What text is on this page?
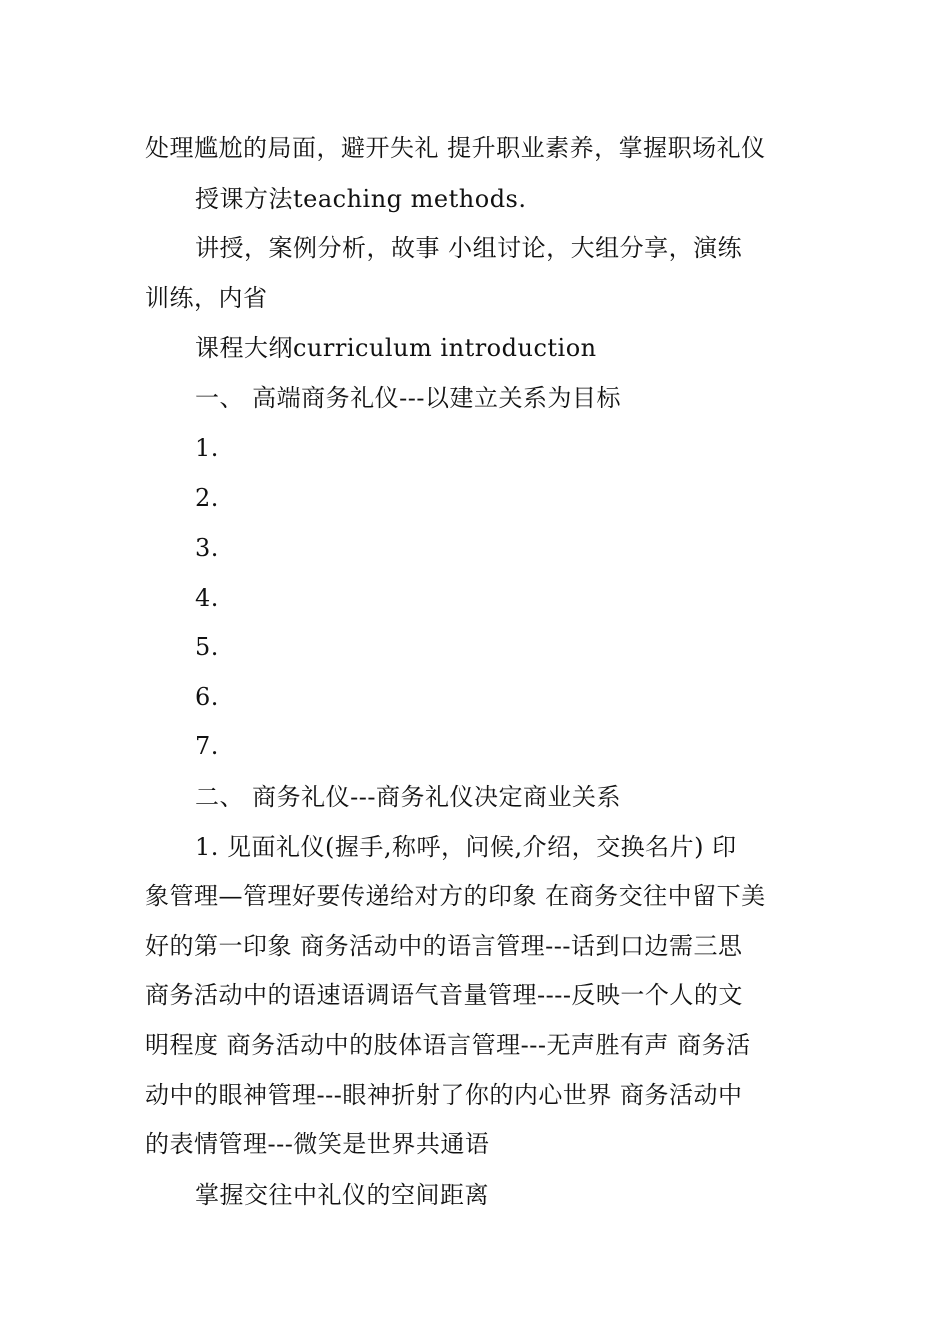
处理尴尬的局面，避开失礼 提升职业素养，掌握职场礼仪
授课方法teaching methods.
讲授，案例分析，故事 小组讨论，大组分享，演练
训练，内省
课程大纲curriculum introduction
一、 高端商务礼仪---以建立关系为目标
1.
2.
3.
4.
5.
6.
7.
二、 商务礼仪---商务礼仪决定商业关系
1. 见面礼仪(握手,称呼，问候,介绍，交换名片) 印
象管理—管理好要传递给对方的印象 在商务交往中留下美
好的第一印象 商务活动中的语言管理---话到口边需三思
商务活动中的语速语调语气音量管理----反映一个人的文
明程度 商务活动中的肢体语言管理---无声胜有声 商务活
动中的眼神管理---眼神折射了你的内心世界 商务活动中
的表情管理---微笑是世界共通语
掌握交往中礼仪的空间距离
